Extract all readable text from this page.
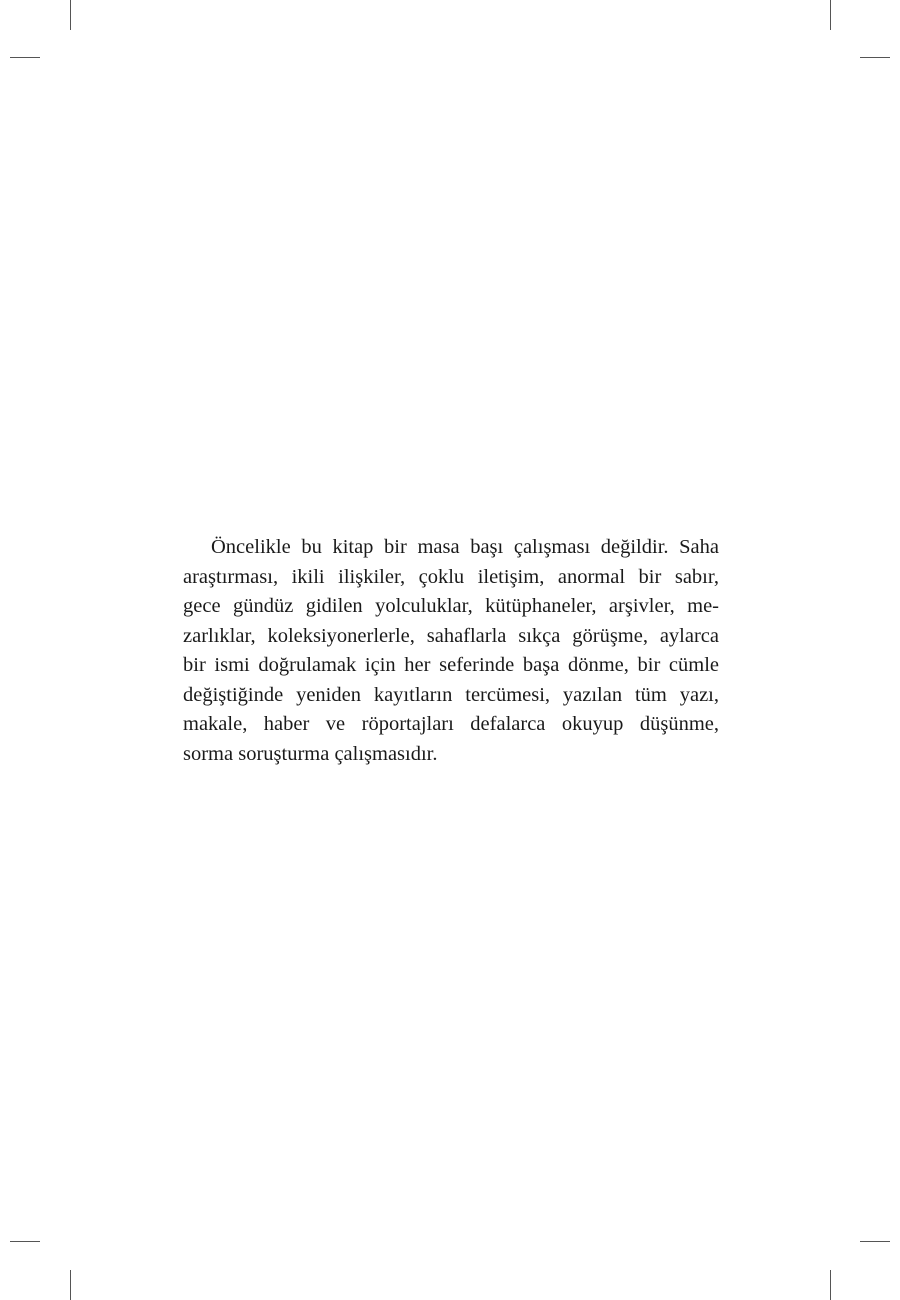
Öncelikle bu kitap bir masa başı çalışması değildir. Saha
araştırması, ikili ilişkiler, çoklu iletişim, anormal bir sabır,
gece gündüz gidilen yolculuklar, kütüphaneler, arşivler, me-
zarlıklar, koleksiyonerlerle, sahaflarla sıkça görüşme, aylarca
bir ismi doğrulamak için her seferinde başa dönme, bir cümle
değiştiğinde yeniden kayıtların tercümesi, yazılan tüm yazı,
makale, haber ve röportajları defalarca okuyup düşünme,
sorma soruşturma çalışmasıdır.
